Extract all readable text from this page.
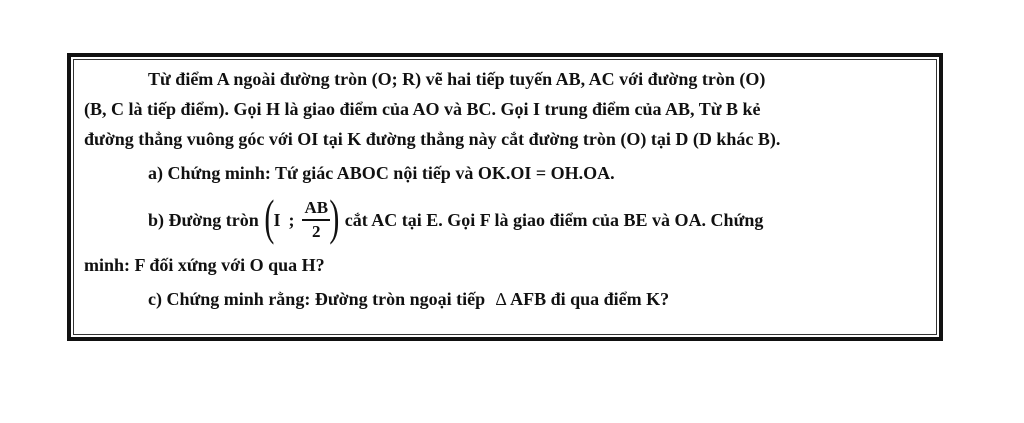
Từ điểm A ngoài đường tròn (O; R) vẽ hai tiếp tuyến AB, AC với đường tròn (O)
(B, C là tiếp điểm). Gọi H là giao điểm của AO và BC. Gọi I trung điểm của AB, Từ B kẻ
đường thẳng vuông góc với OI tại K đường thẳng này cắt đường tròn (O) tại D (D khác B).
a) Chứng minh: Tứ giác ABOC nội tiếp và OK.OI = OH.OA.
b) Đường tròn ( I ; $\frac{AB}{2}$ ) cắt AC tại E. Gọi F là giao điểm của BE và OA. Chứng
minh: F đối xứng với O qua H?
c) Chứng minh rằng: Đường tròn ngoại tiếp ∆ AFB đi qua điểm K?
